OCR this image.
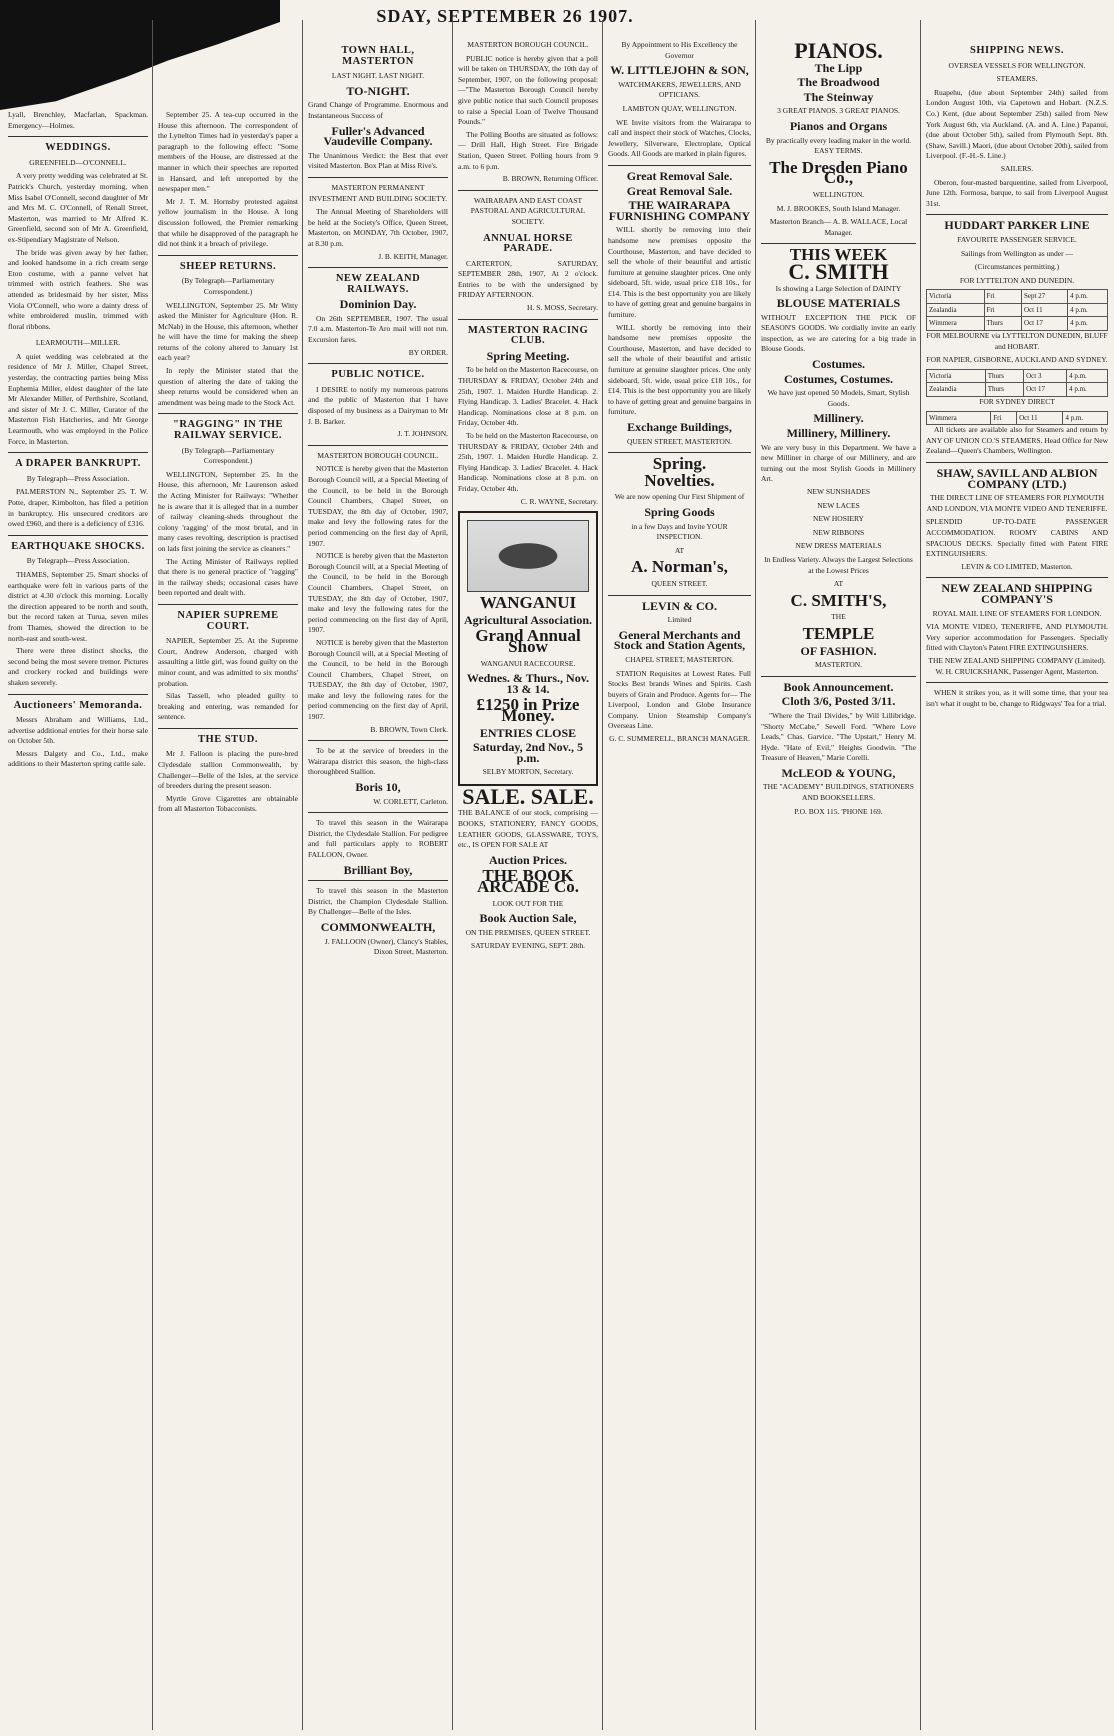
SDAY, SEPTEMBER 26 1907.

Lyall, Brenchley, Macfarlan, Spackman. Emergency—Holmes.

WEDDINGS.
GREENFIELD—O'CONNELL.

A very pretty wedding was celebrated at St. Patrick's Church, yesterday morning, when Miss Isabel O'Connell, second daughter of Mr and Mrs M. C. O'Connell, of Renall Street, Masterton, was married to Mr Alfred K. Greenfield, second son of Mr A. Greenfield, ex-Stipendiary Magistrate of Nelson.

The bride was given away by her father, and looked handsome in a rich cream serge Eton costume, with a panne velvet hat trimmed with ostrich feathers. She was attended as bridesmaid by her sister, Miss Viola O'Connell, who wore a dainty dress of white embroidered muslin, trimmed with floral ribbons.

LEARMOUTH—MILLER.

A quiet wedding was celebrated at the residence of Mr J. Miller, Chapel Street, yesterday, the contracting parties being Miss Euphemia Miller, eldest daughter of the late Mr Alexander Miller, of Perthshire, Scotland, and sister of Mr J. C. Miller, Curator of the Masterton Fish Hatcheries, and Mr George Learmouth, who was employed in the Police Force, in Masterton.

A DRAPER BANKRUPT.
By Telegraph—Press Association.

PALMERSTON N., September 25. T. W. Potte, draper, Kimbolton, has filed a petition in bankruptcy. His unsecured creditors are owed £960, and there is a deficiency of £316.

EARTHQUAKE SHOCKS.
By Telegraph—Press Association.

THAMES, September 25. Smart shocks of earthquake were felt in various parts of the district at 4.30 o'clock this morning. Locally the direction appeared to be north and south, but the record taken at Turua, seven miles from Thames, showed the direction to be north-east and south-west.

There were three distinct shocks, the second being the most severe tremor. Pictures and crockery rocked and buildings were shaken severely.

Auctioneers' Memoranda.

Messrs Abraham and Williams, Ltd., advertise additional entries for their horse sale on October 5th.

Messrs Dalgety and Co., Ltd., make additions to their Masterton spring cattle sale.

September 25. A tea-cup occurred in the House this afternoon. The correspondent of the Lyttelton Times had in yesterday's paper a paragraph to the following effect: "Some members of the House, are distressed at the manner in which their speeches are reported in Hansard, and left unreported by the newspaper men."

Mr J. T. M. Hornsby protested against yellow journalism in the House. A long discussion followed, the Premier remarking that while he disapproved of the paragraph he did not think it a breach of privilege.

SHEEP RETURNS.
(By Telegraph—Parliamentary Correspondent.)

WELLINGTON, September 25. Mr Witty asked the Minister for Agriculture (Hon. R. McNab) in the House, this afternoon, whether he will have the time for making the sheep returns of the colony altered to January 1st each year?

In reply the Minister stated that the question of altering the date of taking the sheep returns would be considered when an amendment was being made to the Stock Act.

"RAGGING" IN THE RAILWAY SERVICE.
(By Telegraph—Parliamentary Correspondent.)

WELLINGTON, September 25. In the House, this afternoon, Mr Laurenson asked the Acting Minister for Railways: "Whether he is aware that it is alleged that in a number of railway cleaning-sheds throughout the colony 'ragging' of the most brutal, and in many cases revolting, description is practised on lads first joining the service as cleaners."

The Acting Minister of Railways replied that there is no general practice of "ragging" in the railway sheds; occasional cases have been reported and dealt with.

NAPIER SUPREME COURT.

NAPIER, September 25. At the Supreme Court, Andrew Anderson, charged with assaulting a little girl, was found guilty on the minor count, and was admitted to six months' probation.

Silas Tassell, who pleaded guilty to breaking and entering, was remanded for sentence.

THE STUD.

Mr J. Falloon is placing the pure-bred Clydesdale stallion Commonwealth, by Challenger—Belle of the Isles, at the service of breeders during the present season.

Myrtle Grove Cigarettes are obtainable from all Masterton Tobacconists.

TOWN HALL, MASTERTON
LAST NIGHT. LAST NIGHT.
TO-NIGHT.

Grand Change of Programme. Enormous and Instantaneous Success of

Fuller's Advanced Vaudeville Company.

The Unanimous Verdict: the Best that ever visited Masterton. Box Plan at Miss Rive's.

MASTERTON PERMANENT INVESTMENT AND BUILDING SOCIETY.

The Annual Meeting of Shareholders will be held at the Society's Office, Queen Street, Masterton, on MONDAY, 7th October, 1907, at 8.30 p.m.

J. B. KEITH, Manager.

NEW ZEALAND RAILWAYS.
Dominion Day.

On 26th SEPTEMBER, 1907. The usual 7.0 a.m. Masterton-Te Aro mail will not run. Excursion fares.

BY ORDER.

PUBLIC NOTICE.

I DESIRE to notify my numerous patrons and the public of Masterton that I have disposed of my business as a Dairyman to Mr J. B. Barker.

J. T. JOHNSON.

MASTERTON BOROUGH COUNCIL.

NOTICE is hereby given that the Masterton Borough Council will, at a Special Meeting of the Council, to be held in the Borough Council Chambers, Chapel Street, on TUESDAY, the 8th day of October, 1907, make and levy the following rates for the period commencing on the first day of April, 1907.

NOTICE is hereby given that the Masterton Borough Council will, at a Special Meeting of the Council, to be held in the Borough Council Chambers, Chapel Street, on TUESDAY, the 8th day of October, 1907, make and levy the following rates for the period commencing on the first day of April, 1907.

NOTICE is hereby given that the Masterton Borough Council will, at a Special Meeting of the Council, to be held in the Borough Council Chambers, Chapel Street, on TUESDAY, the 8th day of October, 1907, make and levy the following rates for the period commencing on the first day of April, 1907.

B. BROWN, Town Clerk.

To be at the service of breeders in the Wairarapa district this season, the high-class thoroughbred Stallion.

Boris 10,

W. CORLETT, Carleton.

To travel this season in the Wairarapa District, the Clydesdale Stallion. For pedigree and full particulars apply to ROBERT FALLOON, Owner.

Brilliant Boy,

To travel this season in the Masterton District, the Champion Clydesdale Stallion. By Challenger—Belle of the Isles.

COMMONWEALTH,

J. FALLOON (Owner), Clancy's Stables, Dixon Street, Masterton.

MASTERTON BOROUGH COUNCIL.

PUBLIC notice is hereby given that a poll will be taken on THURSDAY, the 10th day of September, 1907, on the following proposal:—"The Masterton Borough Council hereby give public notice that such Council proposes to raise a Special Loan of Twelve Thousand Pounds."

The Polling Booths are situated as follows:— Drill Hall, High Street. Fire Brigade Station, Queen Street. Polling hours from 9 a.m. to 6 p.m.

B. BROWN, Returning Officer.

WAIRARAPA AND EAST COAST PASTORAL AND AGRICULTURAL SOCIETY.
ANNUAL HORSE PARADE.

CARTERTON, SATURDAY, SEPTEMBER 28th, 1907, At 2 o'clock. Entries to be with the undersigned by FRIDAY AFTERNOON.

H. S. MOSS, Secretary.

MASTERTON RACING CLUB.
Spring Meeting.

To be held on the Masterton Racecourse, on THURSDAY & FRIDAY, October 24th and 25th, 1907. 1. Maiden Hurdle Handicap. 2. Flying Handicap. 3. Ladies' Bracelet. 4. Hack Handicap. Nominations close at 8 p.m. on Friday, October 4th.

To be held on the Masterton Racecourse, on THURSDAY & FRIDAY, October 24th and 25th, 1907. 1. Maiden Hurdle Handicap. 2. Flying Handicap. 3. Ladies' Bracelet. 4. Hack Handicap. Nominations close at 8 p.m. on Friday, October 4th.

C. R. WAYNE, Secretary.

WANGANUI
Agricultural Association.
Grand Annual Show
WANGANUI RACECOURSE.
Wednes. & Thurs., Nov. 13 & 14.
£1250 in Prize Money.
ENTRIES CLOSE
Saturday, 2nd Nov., 5 p.m.
SELBY MORTON, Secretary.
SALE. SALE.

THE BALANCE of our stock, comprising — BOOKS, STATIONERY, FANCY GOODS, LEATHER GOODS, GLASSWARE, TOYS, etc., IS OPEN FOR SALE AT

Auction Prices.
THE BOOK ARCADE Co.
LOOK OUT FOR THE
Book Auction Sale,
ON THE PREMISES, QUEEN STREET.
SATURDAY EVENING, SEPT. 28th.
By Appointment to His Excellency the Governor
W. LITTLEJOHN & SON,
WATCHMAKERS, JEWELLERS, AND OPTICIANS.
LAMBTON QUAY, WELLINGTON.

WE Invite visitors from the Wairarapa to call and inspect their stock of Watches, Clocks, Jewellery, Silverware, Electroplate, Optical Goods. All Goods are marked in plain figures.

Great Removal Sale.
Great Removal Sale.
THE WAIRARAPA FURNISHING COMPANY

WILL shortly be removing into their handsome new premises opposite the Courthouse, Masterton, and have decided to sell the whole of their beautiful and artistic furniture at genuine slaughter prices. One only sideboard, 5ft. wide, usual price £18 10s., for £14. This is the best opportunity you are likely to have of getting great and genuine bargains in furniture.

WILL shortly be removing into their handsome new premises opposite the Courthouse, Masterton, and have decided to sell the whole of their beautiful and artistic furniture at genuine slaughter prices. One only sideboard, 5ft. wide, usual price £18 10s., for £14. This is the best opportunity you are likely to have of getting great and genuine bargains in furniture.

Exchange Buildings,
QUEEN STREET, MASTERTON.
Spring.
Novelties.
We are now opening Our First Shipment of
Spring Goods
in a few Days and Invite YOUR INSPECTION.
AT
A. Norman's,
QUEEN STREET.
LEVIN & CO.
Limited
General Merchants and Stock and Station Agents,
CHAPEL STREET, MASTERTON.

STATION Requisites at Lowest Rates. Full Stocks Best brands Wines and Spirits. Cash buyers of Grain and Produce. Agents for— The Liverpool, London and Globe Insurance Company. Union Steamship Company's Overseas Line.

G. C. SUMMERELL, BRANCH MANAGER.
PIANOS.
The Lipp
The Broadwood
The Steinway
3 GREAT PIANOS. 3 GREAT PIANOS.
Pianos and Organs
By practically every leading maker in the world. EASY TERMS.
The Dresden Piano Co.,
WELLINGTON.
M. J. BROOKES, South Island Manager.
Masterton Branch— A. B. WALLACE, Local Manager.
THIS WEEK
C. SMITH
Is showing a Large Selection of DAINTY
BLOUSE MATERIALS

WITHOUT EXCEPTION THE PICK OF SEASON'S GOODS. We cordially invite an early inspection, as we are catering for a big trade in Blouse Goods.

Costumes.
Costumes, Costumes.
We have just opened 50 Models, Smart, Stylish Goods.
Millinery.
Millinery, Millinery.

We are very busy in this Department. We have a new Milliner in charge of our Millinery, and are turning out the most Stylish Goods in Millinery Art.

NEW SUNSHADES
NEW LACES
NEW HOSIERY
NEW RIBBONS
NEW DRESS MATERIALS
In Endless Variety. Always the Largest Selections at the Lowest Prices
AT
C. SMITH'S,
THE
TEMPLE
OF FASHION.
MASTERTON.
Book Announcement.
Cloth 3/6, Posted 3/11.

"Where the Trail Divides," by Will Lillibridge. "Shorty McCabe," Sewell Ford. "Where Love Leads," Chas. Garvice. "The Upstart," Henry M. Hyde. "Hate of Evil," Heights Goodwin. "The Treasure of Heaven," Marie Corelli.

McLEOD & YOUNG,
THE "ACADEMY" BUILDINGS, STATIONERS AND BOOKSELLERS.
P.O. BOX 115. 'PHONE 169.
SHIPPING NEWS.
OVERSEA VESSELS FOR WELLINGTON.
STEAMERS.

Ruapehu, (due about September 24th) sailed from London August 10th, via Capetown and Hobart. (N.Z.S. Co.) Kent, (due about September 25th) sailed from New York August 6th, via Auckland. (A. and A. Line.) Papanui, (due about October 5th), sailed from Plymouth Sept. 8th. (Shaw, Savill.) Maori, (due about October 20th), sailed from Liverpool. (F.-H.-S. Line.)

SAILERS.

Oberon, four-masted barquentine, sailed from Liverpool, June 12th. Formosa, barque, to sail from Liverpool August 31st.

HUDDART PARKER LINE
FAVOURITE PASSENGER SERVICE.
Sailings from Wellington as under —
(Circumstances permitting.)
FOR LYTTELTON AND DUNEDIN.
Victoria	Fri	Sept 27	4 p.m.
Zealandia	Fri	Oct 11	4 p.m.
Wimmera	Thurs	Oct 17	4 p.m.
FOR MELBOURNE via LYTTELTON DUNEDIN, BLUFF and HOBART.
FOR NAPIER, GISBORNE, AUCKLAND AND SYDNEY.
Victoria	Thurs	Oct 3	4 p.m.
Zealandia	Thurs	Oct 17	4 p.m.
FOR SYDNEY DIRECT
Wimmera	Fri	Oct 11	4 p.m.

All tickets are available also for Steamers and return by ANY OF UNION CO.'S STEAMERS. Head Office for New Zealand—Queen's Chambers, Wellington.

SHAW, SAVILL AND ALBION COMPANY (LTD.)
THE DIRECT LINE OF STEAMERS FOR PLYMOUTH AND LONDON, VIA MONTE VIDEO AND TENERIFFE.

SPLENDID UP-TO-DATE PASSENGER ACCOMMODATION. ROOMY CABINS AND SPACIOUS DECKS. Specially fitted with Patent FIRE EXTINGUISHERS.

LEVIN & CO LIMITED, Masterton.
NEW ZEALAND SHIPPING COMPANY'S
ROYAL MAIL LINE OF STEAMERS FOR LONDON.

VIA MONTE VIDEO, TENERIFFE, AND PLYMOUTH. Very superior accommodation for Passengers. Specially fitted with Clayton's Patent FIRE EXTINGUISHERS.

THE NEW ZEALAND SHIPPING COMPANY (Limited). W. H. CRUICKSHANK, Passenger Agent, Masterton.

WHEN it strikes you, as it will some time, that your tea isn't what it ought to be, change to Ridgways' Tea for a trial.
